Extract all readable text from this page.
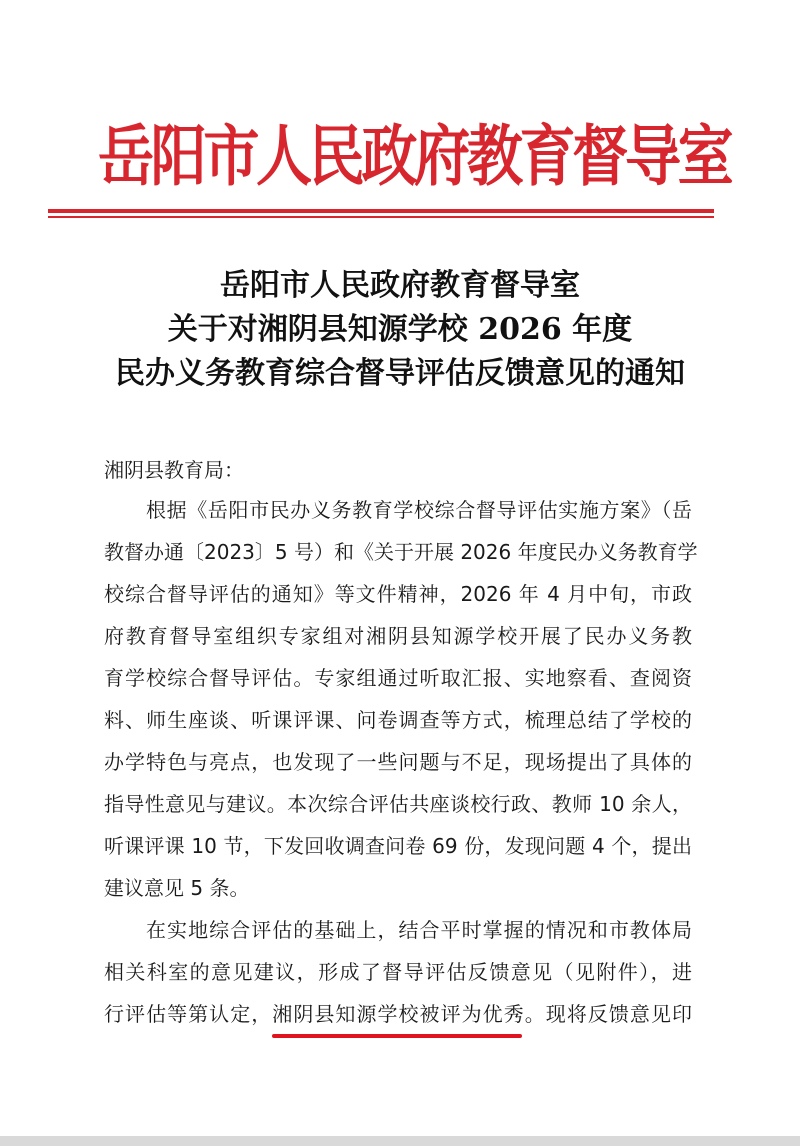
岳阳市人民政府教育督导室
岳阳市人民政府教育督导室
关于对湘阴县知源学校 2026 年度
民办义务教育综合督导评估反馈意见的通知
湘阴县教育局：
根据《岳阳市民办义务教育学校综合督导评估实施方案》（岳
教督办通〔2023〕5 号）和《关于开展 2026 年度民办义务教育学
校综合督导评估的通知》等文件精神，2026 年 4 月中旬，市政
府教育督导室组织专家组对湘阴县知源学校开展了民办义务教
育学校综合督导评估。专家组通过听取汇报、实地察看、查阅资
料、师生座谈、听课评课、问卷调查等方式，梳理总结了学校的
办学特色与亮点，也发现了一些问题与不足，现场提出了具体的
指导性意见与建议。本次综合评估共座谈校行政、教师 10 余人，
听课评课 10 节，下发回收调查问卷 69 份，发现问题 4 个，提出
建议意见 5 条。
在实地综合评估的基础上，结合平时掌握的情况和市教体局
相关科室的意见建议，形成了督导评估反馈意见（见附件），进
行评估等第认定，湘阴县知源学校被评为优秀。现将反馈意见印
